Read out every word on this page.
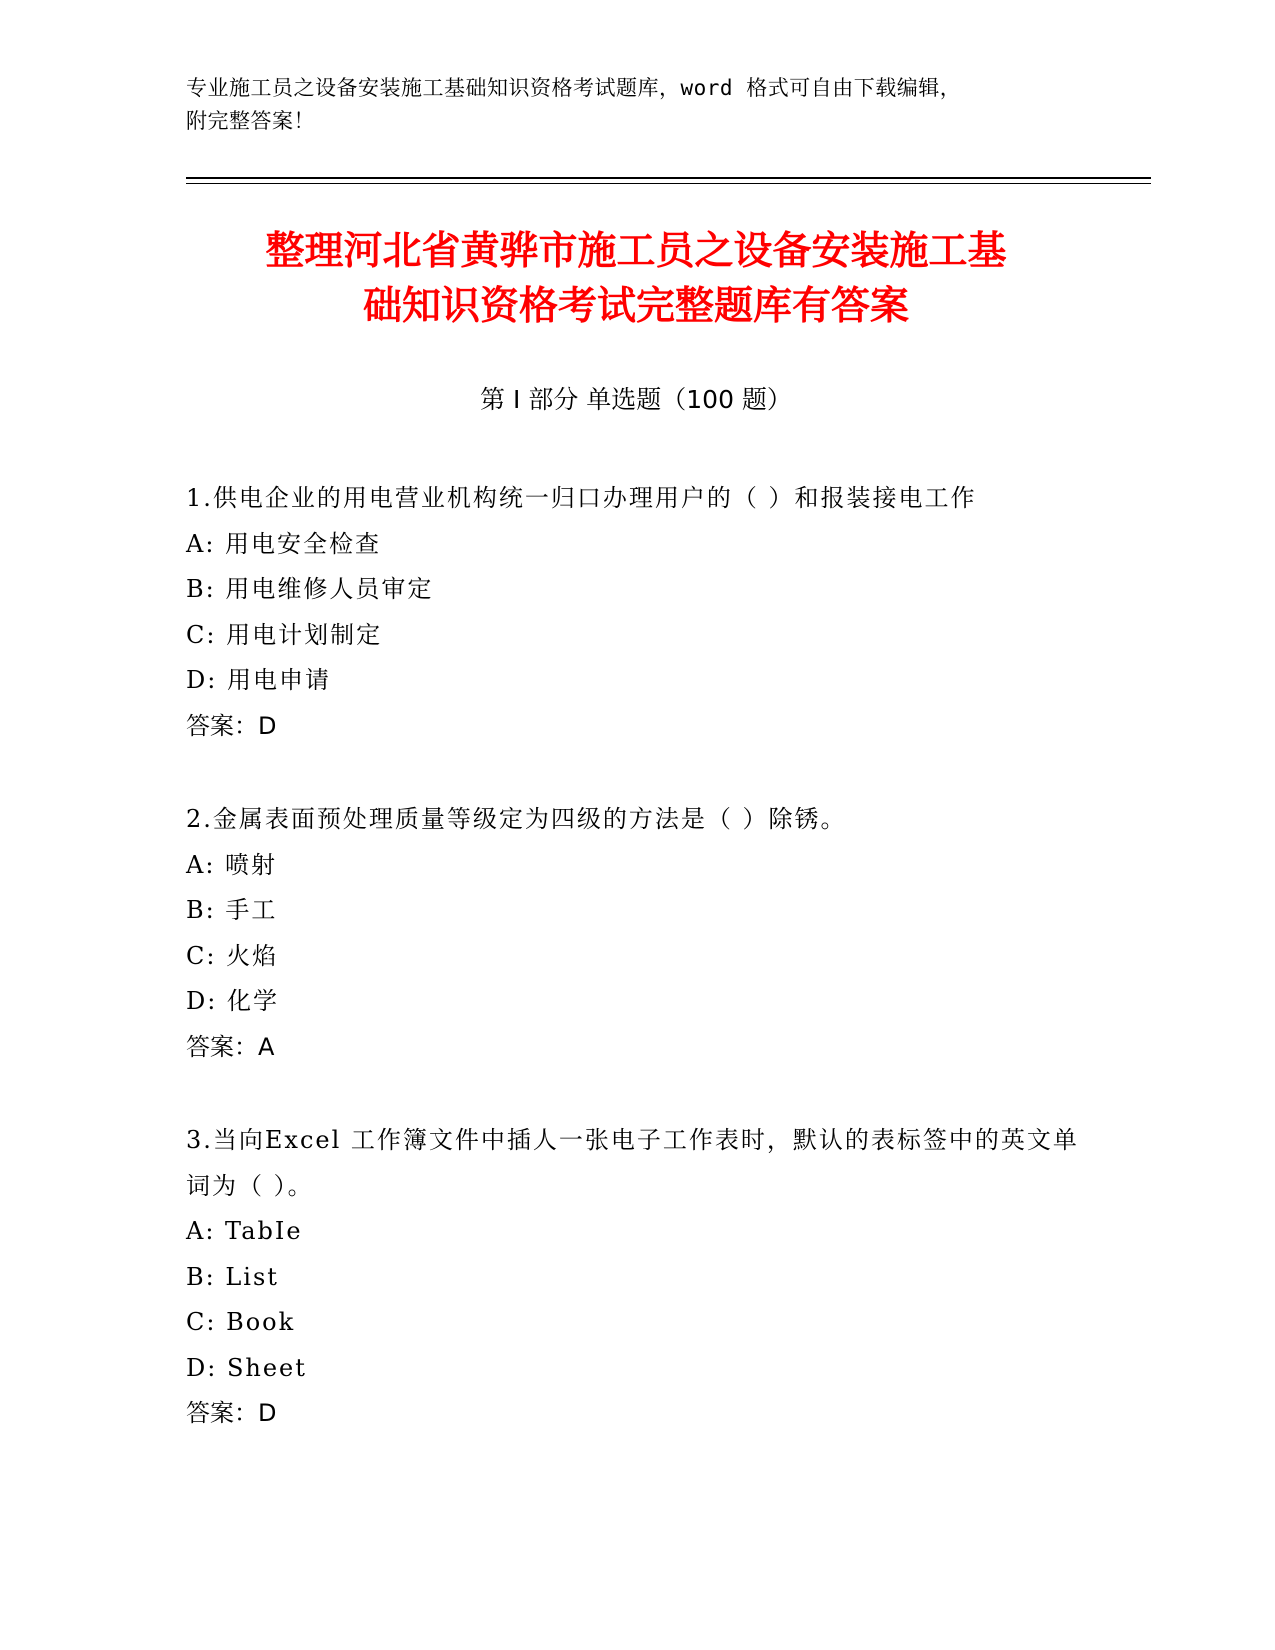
专业施工员之设备安装施工基础知识资格考试题库，word 格式可自由下载编辑，
附完整答案！
整理河北省黄骅市施工员之设备安装施工基
础知识资格考试完整题库有答案
第 I 部分 单选题（100 题）
1.供电企业的用电营业机构统一归口办理用户的（ ）和报装接电工作
A: 用电安全检查
B: 用电维修人员审定
C: 用电计划制定
D: 用电申请
答案：D
2.金属表面预处理质量等级定为四级的方法是（ ）除锈。
A: 喷射
B: 手工
C: 火焰
D: 化学
答案：A
3.当向Excel 工作簿文件中插人一张电子工作表时，默认的表标签中的英文单词为（ ）。
A: TabIe
B: List
C: Book
D: Sheet
答案：D
